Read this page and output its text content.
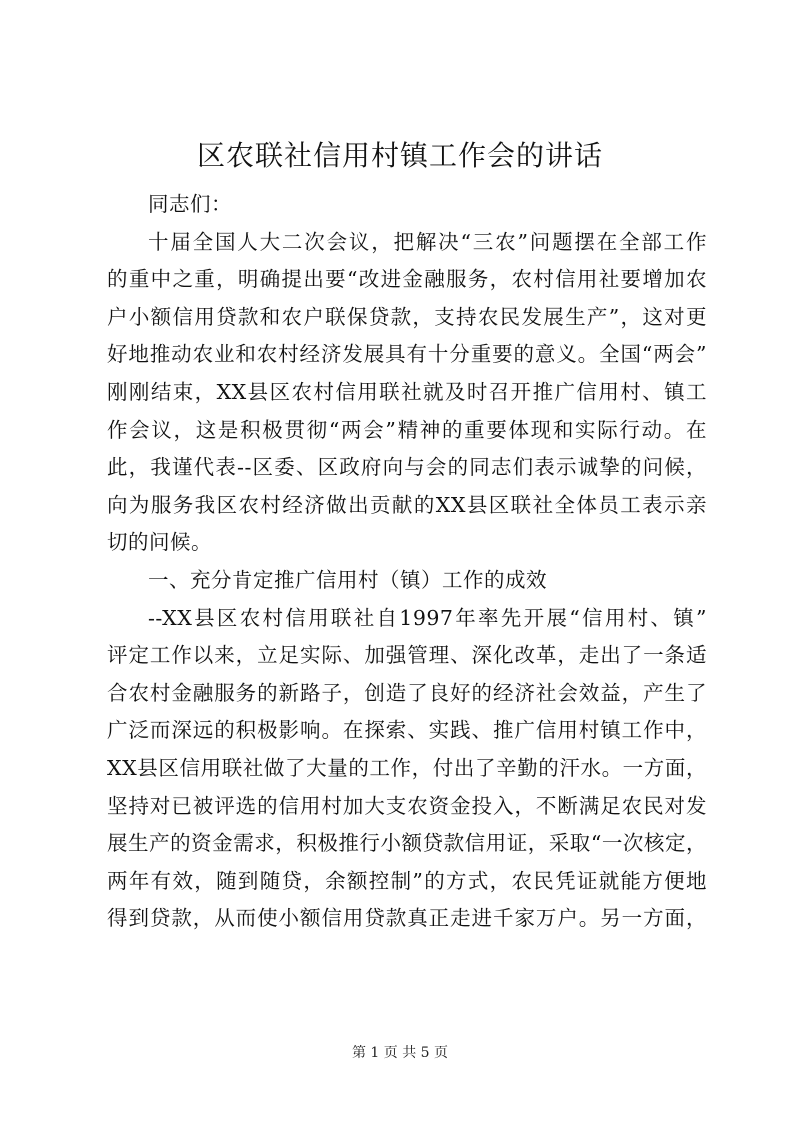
区农联社信用村镇工作会的讲话
同志们：
十届全国人大二次会议，把解决“三农”问题摆在全部工作
的重中之重，明确提出要“改进金融服务，农村信用社要增加农
户小额信用贷款和农户联保贷款，支持农民发展生产”，这对更
好地推动农业和农村经济发展具有十分重要的意义。全国“两会”
刚刚结束，XX县区农村信用联社就及时召开推广信用村、镇工
作会议，这是积极贯彻“两会”精神的重要体现和实际行动。在
此，我谨代表--区委、区政府向与会的同志们表示诚挚的问候，
向为服务我区农村经济做出贡献的XX县区联社全体员工表示亲
切的问候。
一、充分肯定推广信用村（镇）工作的成效
--XX县区农村信用联社自1997年率先开展“信用村、镇”
评定工作以来，立足实际、加强管理、深化改革，走出了一条适
合农村金融服务的新路子，创造了良好的经济社会效益，产生了
广泛而深远的积极影响。在探索、实践、推广信用村镇工作中，
XX县区信用联社做了大量的工作，付出了辛勤的汗水。一方面，
坚持对已被评选的信用村加大支农资金投入，不断满足农民对发
展生产的资金需求，积极推行小额贷款信用证，采取“一次核定，
两年有效，随到随贷，余额控制”的方式，农民凭证就能方便地
得到贷款，从而使小额信用贷款真正走进千家万户。另一方面，
第 1 页 共 5 页
